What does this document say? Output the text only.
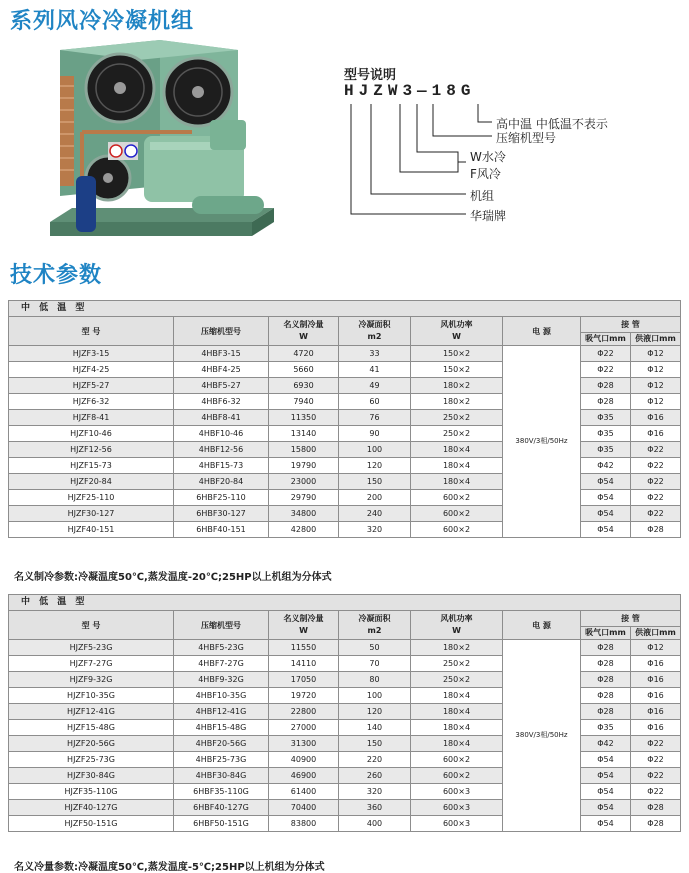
系列风冷冷凝机组
型号说明
HJZW3—18G
高中温 中低温不表示
压缩机型号
W水冷
F风冷
机组
华瑞牌
技术参数
中 低 温 型							
型 号	压缩机型号	名义制冷量
W	冷凝面积
m2	风机功率
W	电 源	接 管	
						吸气口mm	供液口mm
HJZF3-15	4HBF3-15	4720	33	150×2	380V/3相/50Hz	Φ22	Φ12
HJZF4-25	4HBF4-25	5660	41	150×2		Φ22	Φ12
HJZF5-27	4HBF5-27	6930	49	180×2		Φ28	Φ12
HJZF6-32	4HBF6-32	7940	60	180×2		Φ28	Φ12
HJZF8-41	4HBF8-41	11350	76	250×2		Φ35	Φ16
HJZF10-46	4HBF10-46	13140	90	250×2		Φ35	Φ16
HJZF12-56	4HBF12-56	15800	100	180×4		Φ35	Φ22
HJZF15-73	4HBF15-73	19790	120	180×4		Φ42	Φ22
HJZF20-84	4HBF20-84	23000	150	180×4		Φ54	Φ22
HJZF25-110	6HBF25-110	29790	200	600×2		Φ54	Φ22
HJZF30-127	6HBF30-127	34800	240	600×2		Φ54	Φ22
HJZF40-151	6HBF40-151	42800	320	600×2		Φ54	Φ28
名义制冷参数:冷凝温度50℃,蒸发温度-20℃;25HP以上机组为分体式
中 低 温 型							
型 号	压缩机型号	名义制冷量
W	冷凝面积
m2	风机功率
W	电 源	接 管	
						吸气口mm	供液口mm
HJZF5-23G	4HBF5-23G	11550	50	180×2	380V/3相/50Hz	Φ28	Φ12
HJZF7-27G	4HBF7-27G	14110	70	250×2		Φ28	Φ16
HJZF9-32G	4HBF9-32G	17050	80	250×2		Φ28	Φ16
HJZF10-35G	4HBF10-35G	19720	100	180×4		Φ28	Φ16
HJZF12-41G	4HBF12-41G	22800	120	180×4		Φ28	Φ16
HJZF15-48G	4HBF15-48G	27000	140	180×4		Φ35	Φ16
HJZF20-56G	4HBF20-56G	31300	150	180×4		Φ42	Φ22
HJZF25-73G	4HBF25-73G	40900	220	600×2		Φ54	Φ22
HJZF30-84G	4HBF30-84G	46900	260	600×2		Φ54	Φ22
HJZF35-110G	6HBF35-110G	61400	320	600×3		Φ54	Φ22
HJZF40-127G	6HBF40-127G	70400	360	600×3		Φ54	Φ28
HJZF50-151G	6HBF50-151G	83800	400	600×3		Φ54	Φ28
名义冷量参数:冷凝温度50℃,蒸发温度-5℃;25HP以上机组为分体式
